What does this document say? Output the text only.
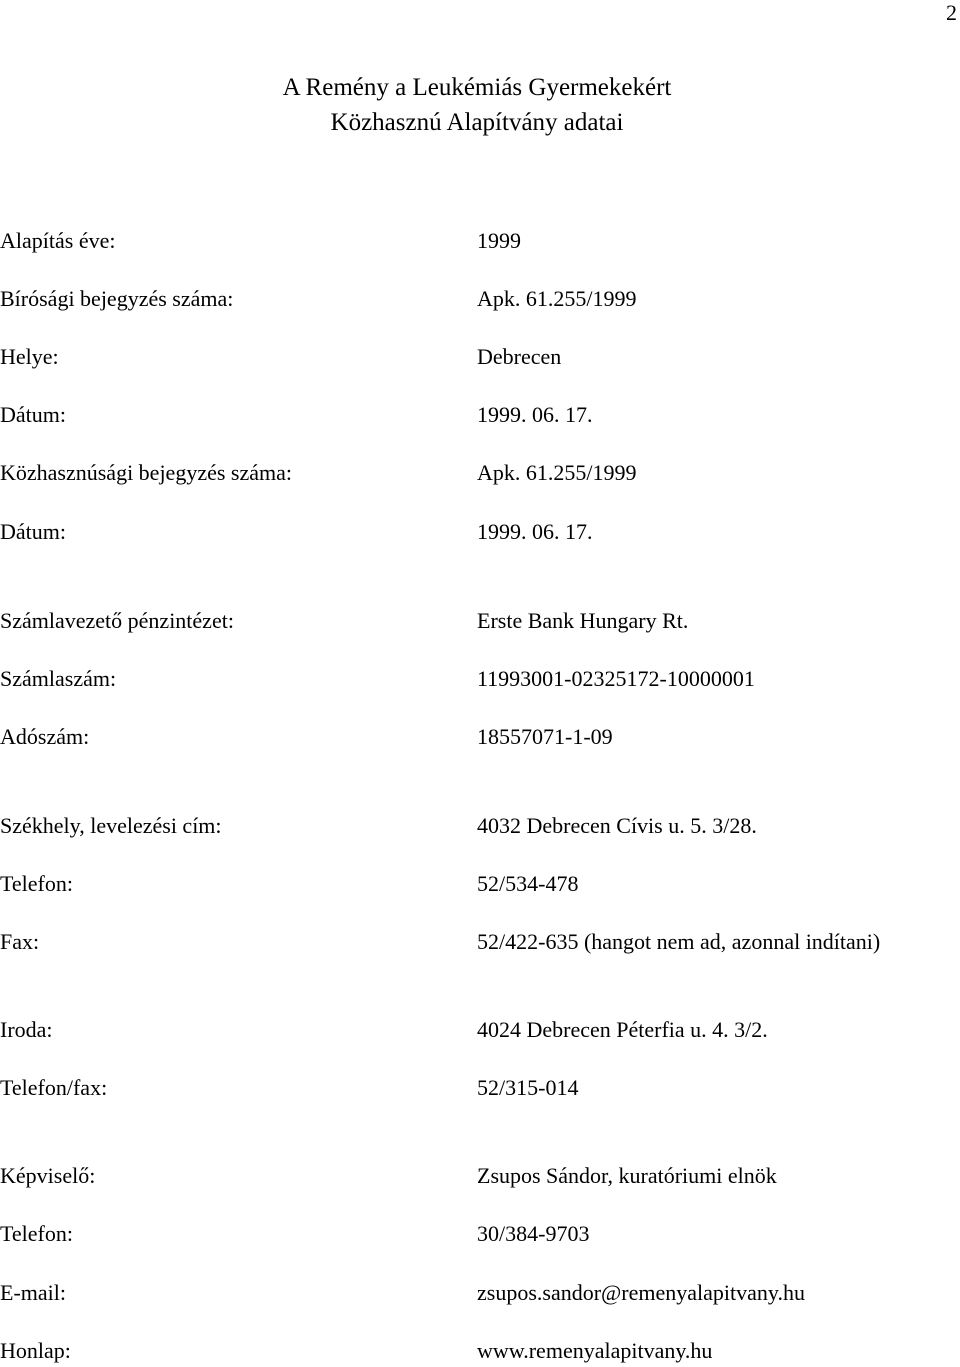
2
A Remény a Leukémiás Gyermekekért
Közhasznú Alapítvány adatai
Alapítás éve:	1999
Bírósági bejegyzés száma:	Apk. 61.255/1999
Helye:	Debrecen
Dátum:	1999. 06. 17.
Közhasznúsági bejegyzés száma:	Apk. 61.255/1999
Dátum:	1999. 06. 17.
Számlavezető pénzintézet:	Erste Bank Hungary Rt.
Számlaszám:	11993001-02325172-10000001
Adószám:	18557071-1-09
Székhely, levelezési cím:	4032 Debrecen Cívis u. 5. 3/28.
Telefon:	52/534-478
Fax:	52/422-635 (hangot nem ad, azonnal indítani)
Iroda:	4024 Debrecen Péterfia u. 4. 3/2.
Telefon/fax:	52/315-014
Képviselő:	Zsupos Sándor, kuratóriumi elnök
Telefon:	30/384-9703
E-mail:	zsupos.sandor@remenyalapitvany.hu
Honlap:	www.remenyalapitvany.hu
